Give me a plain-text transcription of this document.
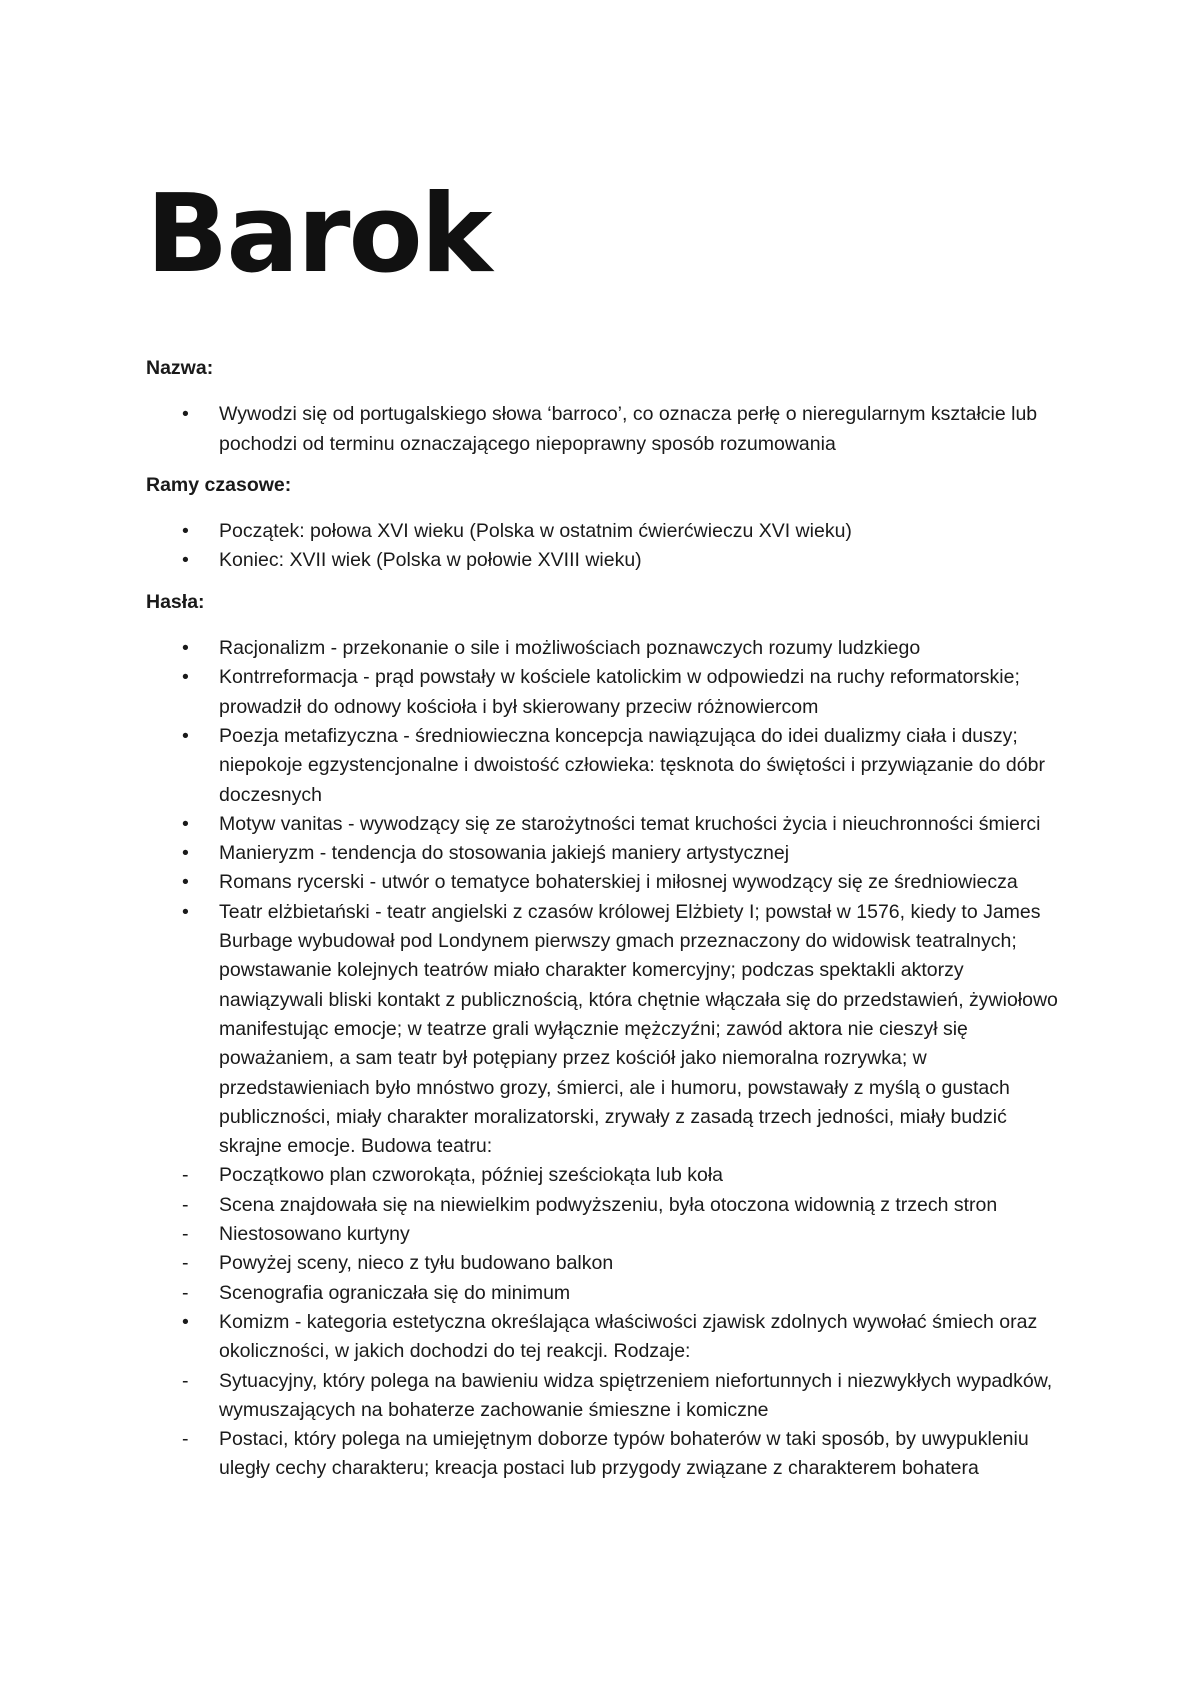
Barok

Nazwa:

•	Wywodzi się od portugalskiego słowa ‘barroco’, co oznacza perłę o nieregularnym kształcie lub pochodzi od terminu oznaczającego niepoprawny sposób rozumowania

Ramy czasowe:

•	Początek: połowa XVI wieku (Polska w ostatnim ćwierćwieczu XVI wieku)
•	Koniec: XVII wiek (Polska w połowie XVIII wieku)

Hasła:

•	Racjonalizm - przekonanie o sile i możliwościach poznawczych rozumy ludzkiego
•	Kontrreformacja - prąd powstały w kościele katolickim w odpowiedzi na ruchy reformatorskie; prowadził do odnowy kościoła i był skierowany przeciw różnowiercom
•	Poezja metafizyczna - średniowieczna koncepcja nawiązująca do idei dualizmy ciała i duszy; niepokoje egzystencjonalne i dwoistość człowieka: tęsknota do świętości i przywiązanie do dóbr doczesnych
•	Motyw vanitas - wywodzący się ze starożytności temat kruchości życia i nieuchronności śmierci
•	Manieryzm - tendencja do stosowania jakiejś maniery artystycznej
•	Romans rycerski - utwór o tematyce bohaterskiej i miłosnej wywodzący się ze średniowiecza
•	Teatr elżbietański - teatr angielski z czasów królowej Elżbiety I; powstał w 1576, kiedy to James Burbage wybudował pod Londynem pierwszy gmach przeznaczony do widowisk teatralnych; powstawanie kolejnych teatrów miało charakter komercyjny; podczas spektakli aktorzy nawiązywali bliski kontakt z publicznością, która chętnie włączała się do przedstawień, żywiołowo manifestując emocje; w teatrze grali wyłącznie mężczyźni; zawód aktora nie cieszył się poważaniem, a sam teatr był potępiany przez kościół jako niemoralna rozrywka; w przedstawieniach było mnóstwo grozy, śmierci, ale i humoru, powstawały z myślą o gustach publiczności, miały charakter moralizatorski, zrywały z zasadą trzech jedności, miały budzić skrajne emocje. Budowa teatru:
-	Początkowo plan czworokąta, później sześciokąta lub koła
-	Scena znajdowała się na niewielkim podwyższeniu, była otoczona widownią z trzech stron
-	Niestosowano kurtyny
-	Powyżej sceny, nieco z tyłu budowano balkon
-	Scenografia ograniczała się do minimum
•	Komizm - kategoria estetyczna określająca właściwości zjawisk zdolnych wywołać śmiech oraz okoliczności, w jakich dochodzi do tej reakcji. Rodzaje:
-	Sytuacyjny, który polega na bawieniu widza spiętrzeniem niefortunnych i niezwykłych wypadków, wymuszających na bohaterze zachowanie śmieszne i komiczne
-	Postaci, który polega na umiejętnym doborze typów bohaterów w taki sposób, by uwypukleniu uległy cechy charakteru; kreacja postaci lub przygody związane z charakterem bohatera
